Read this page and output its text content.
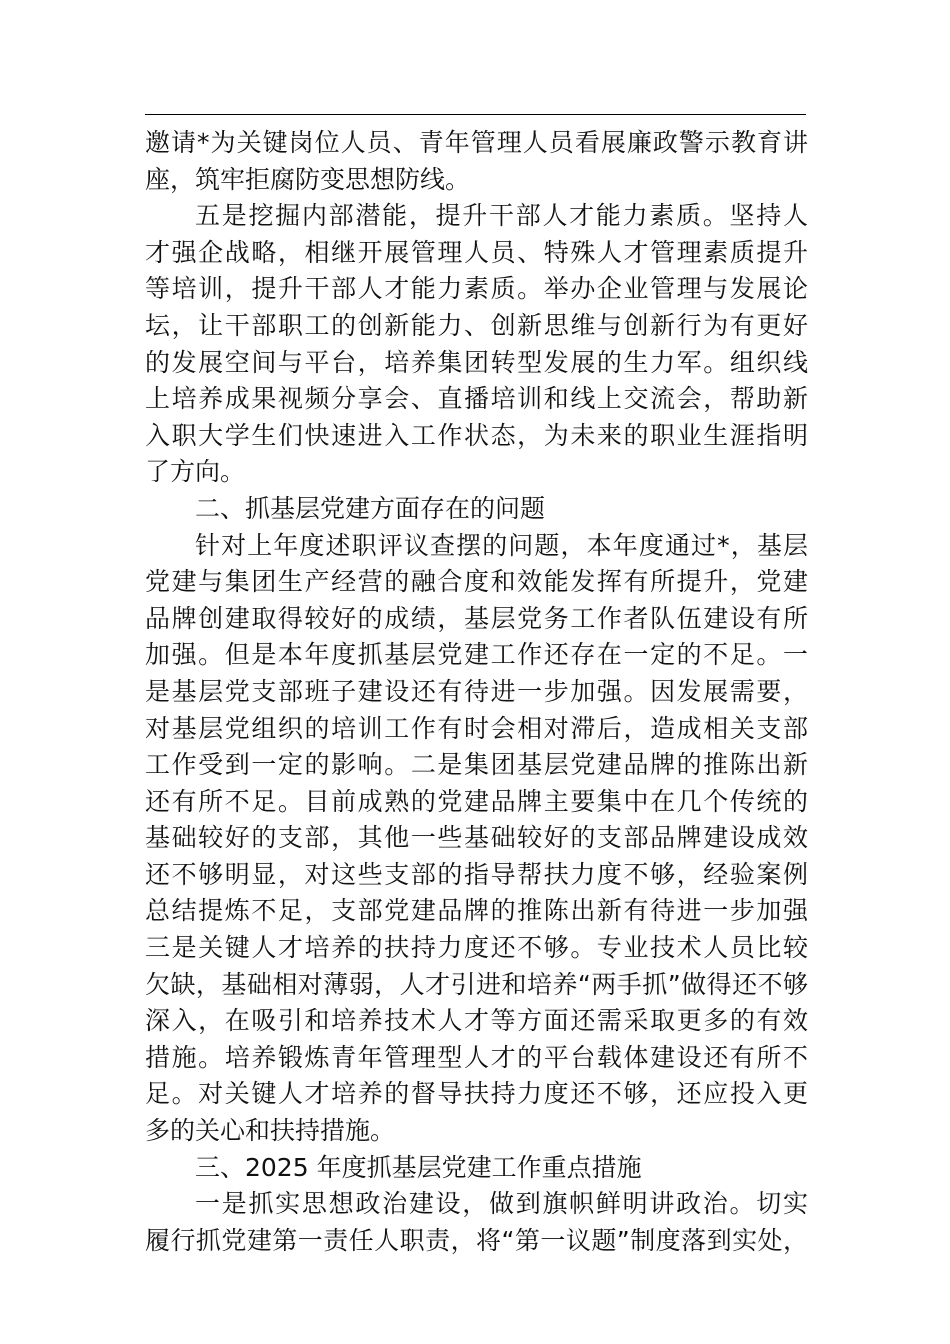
邀请*为关键岗位人员、青年管理人员看展廉政警示教育讲
座，筑牢拒腐防变思想防线。
五是挖掘内部潜能，提升干部人才能力素质。坚持人
才强企战略，相继开展管理人员、特殊人才管理素质提升
等培训，提升干部人才能力素质。举办企业管理与发展论
坛，让干部职工的创新能力、创新思维与创新行为有更好
的发展空间与平台，培养集团转型发展的生力军。组织线
上培养成果视频分享会、直播培训和线上交流会，帮助新
入职大学生们快速进入工作状态，为未来的职业生涯指明
了方向。
二、抓基层党建方面存在的问题
针对上年度述职评议查摆的问题，本年度通过*，基层
党建与集团生产经营的融合度和效能发挥有所提升，党建
品牌创建取得较好的成绩，基层党务工作者队伍建设有所
加强。但是本年度抓基层党建工作还存在一定的不足。一
是基层党支部班子建设还有待进一步加强。因发展需要，
对基层党组织的培训工作有时会相对滞后，造成相关支部
工作受到一定的影响。二是集团基层党建品牌的推陈出新
还有所不足。目前成熟的党建品牌主要集中在几个传统的
基础较好的支部，其他一些基础较好的支部品牌建设成效
还不够明显，对这些支部的指导帮扶力度不够，经验案例
总结提炼不足，支部党建品牌的推陈出新有待进一步加强
三是关键人才培养的扶持力度还不够。专业技术人员比较
欠缺，基础相对薄弱，人才引进和培养“两手抓”做得还不够
深入，在吸引和培养技术人才等方面还需采取更多的有效
措施。培养锻炼青年管理型人才的平台载体建设还有所不
足。对关键人才培养的督导扶持力度还不够，还应投入更
多的关心和扶持措施。
三、2025 年度抓基层党建工作重点措施
一是抓实思想政治建设，做到旗帜鲜明讲政治。切实
履行抓党建第一责任人职责，将“第一议题”制度落到实处，
